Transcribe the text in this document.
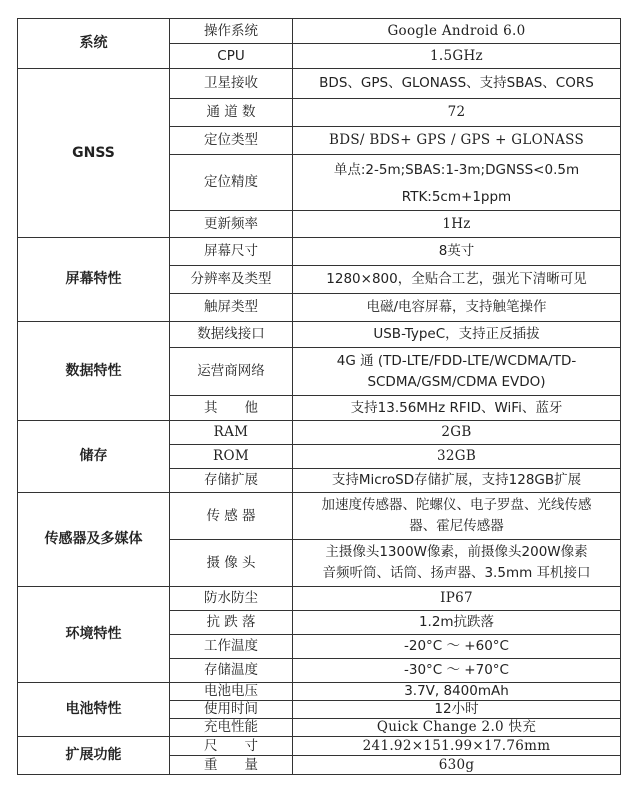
系统	操作系统	Google Android 6.0
	CPU	1.5GHz
GNSS	卫星接收	BDS、GPS、GLONASS、支持SBAS、CORS
	通 道 数	72
	定位类型	BDS/ BDS+ GPS / GPS + GLONASS
	定位精度	单点:2-5m;SBAS:1-3m;DGNSS<0.5m
RTK:5cm+1ppm

	更新频率	1Hz
屏幕特性	屏幕尺寸	8英寸
	分辨率及类型	1280×800，全贴合工艺，强光下清晰可见
	触屏类型	电磁/电容屏幕，支持触笔操作
数据特性	数据线接口	USB-TypeC，支持正反插拔
	运营商网络	4G 通 (TD-LTE/FDD-LTE/WCDMA/TD-
SCDMA/GSM/CDMA EVDO)

	其　　他	支持13.56MHz RFID、WiFi、蓝牙
储存	RAM	2GB
	ROM	32GB
	存储扩展	支持MicroSD存储扩展，支持128GB扩展
传感器及多媒体	传 感 器	加速度传感器、陀螺仪、电子罗盘、光线传感
器、霍尼传感器

	摄 像 头	主摄像头1300W像素，前摄像头200W像素
音频听筒、话筒、扬声器、3.5mm 耳机接口

环境特性	防水防尘	IP67
	抗 跌 落	1.2m抗跌落
	工作温度	-20°C ～ +60°C
	存储温度	-30°C ～ +70°C
电池特性	电池电压	3.7V, 8400mAh
	使用时间	12小时
	充电性能	Quick Change 2.0 快充
扩展功能	尺　　寸	241.92×151.99×17.76mm
	重　　量	630g
